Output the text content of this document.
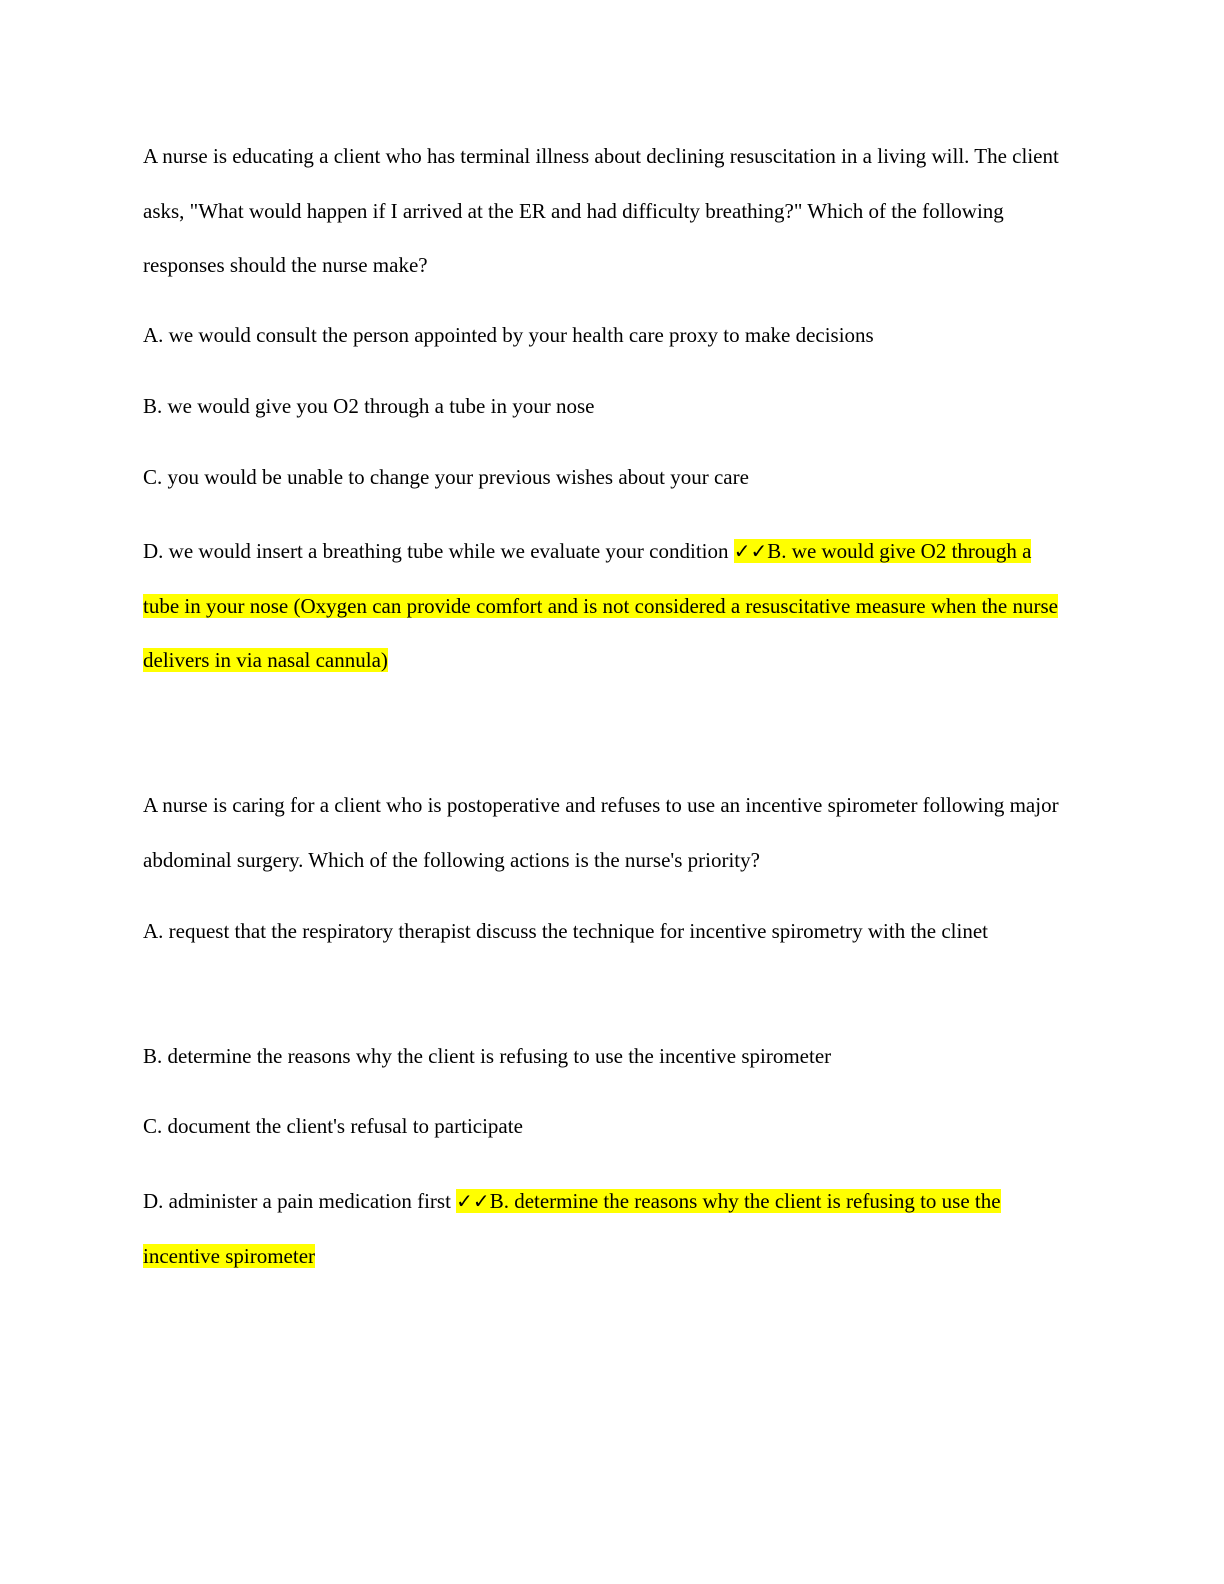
A nurse is educating a client who has terminal illness about declining resuscitation in a living will. The client asks, "What would happen if I arrived at the ER and had difficulty breathing?" Which of the following responses should the nurse make?

A. we would consult the person appointed by your health care proxy to make decisions

B. we would give you O2 through a tube in your nose

C. you would be unable to change your previous wishes about your care

D. we would insert a breathing tube while we evaluate your condition ✓✓B. we would give O2 through a tube in your nose (Oxygen can provide comfort and is not considered a resuscitative measure when the nurse delivers in via nasal cannula)

A nurse is caring for a client who is postoperative and refuses to use an incentive spirometer following major abdominal surgery. Which of the following actions is the nurse's priority?

A. request that the respiratory therapist discuss the technique for incentive spirometry with the clinet

B. determine the reasons why the client is refusing to use the incentive spirometer

C. document the client's refusal to participate

D. administer a pain medication first ✓✓B. determine the reasons why the client is refusing to use the incentive spirometer
